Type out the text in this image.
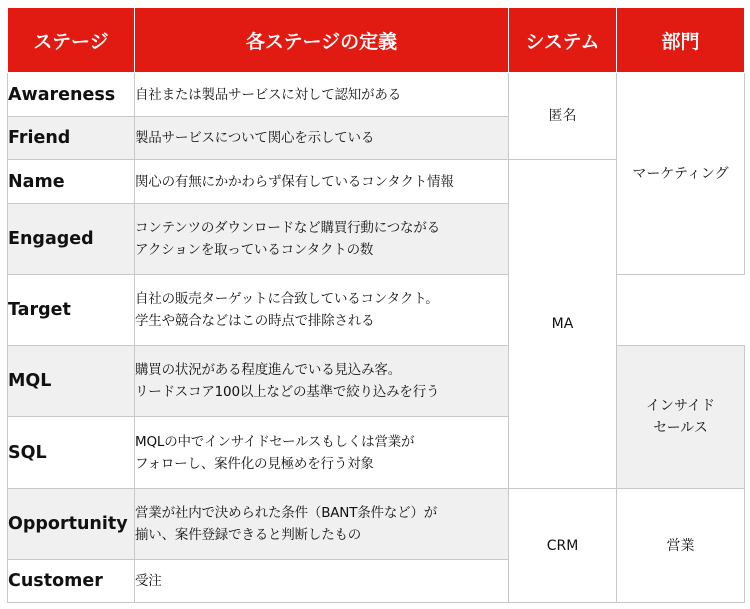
ステージ	各ステージの定義	システム	部門
Awareness	自社または製品サービスに対して認知がある	匿名	マーケティング

Friend	製品サービスについて関心を示している		

Name	関心の有無にかかわらず保有しているコンタクト情報	MA	
Engaged	コンテンツのダウンロードなど購買行動につながる
アクションを取っているコンタクトの数		

Target	自社の販売ターゲットに合致しているコンタクト。
学生や競合などはこの時点で排除される		

MQL	購買の状況がある程度進んでいる見込み客。
リードスコア100以上などの基準で絞り込みを行う		インサイド
セールス

SQL	MQLの中でインサイドセールスもしくは営業が
フォローし、案件化の見極めを行う対象		

Opportunity	営業が社内で決められた条件（BANT条件など）が
揃い、案件登録できると判断したもの	CRM	営業

Customer	受注		
